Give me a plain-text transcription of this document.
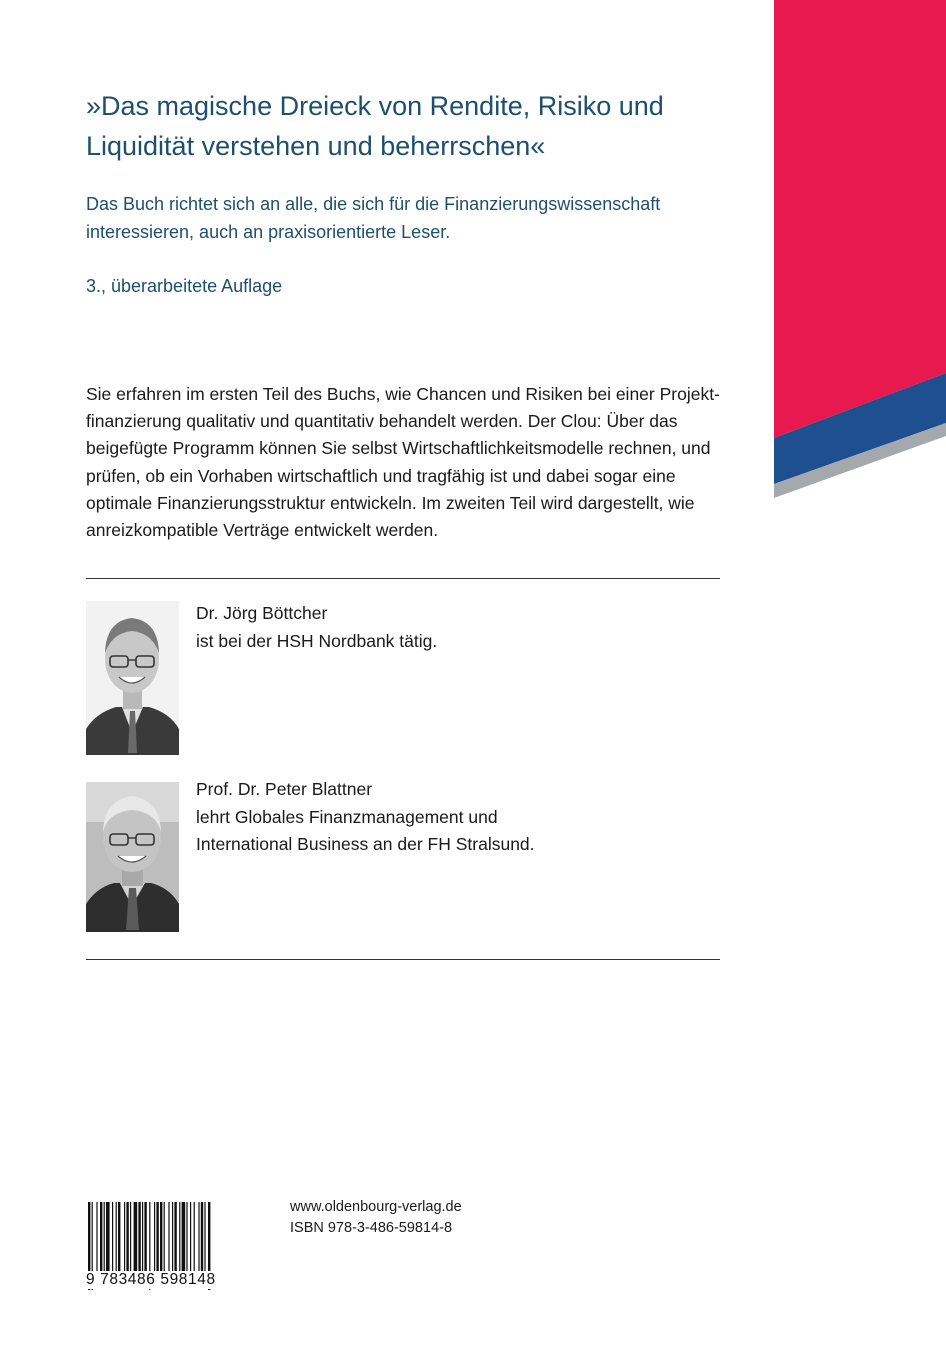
»Das magische Dreieck von Rendite, Risiko und Liquidität verstehen und beherrschen«

Das Buch richtet sich an alle, die sich für die Finanzierungswissenschaft interessieren, auch an praxisorientierte Leser.

3., überarbeitete Auflage

Sie erfahren im ersten Teil des Buchs, wie Chancen und Risiken bei einer Projekt-finanzierung qualitativ und quantitativ behandelt werden. Der Clou: Über das beigefügte Programm können Sie selbst Wirtschaftlichkeitsmodelle rechnen, und prüfen, ob ein Vorhaben wirtschaftlich und tragfähig ist und dabei sogar eine optimale Finanzierungsstruktur entwickeln. Im zweiten Teil wird dargestellt, wie anreizkompatible Verträge entwickelt werden.

Dr. Jörg Böttcher
ist bei der HSH Nordbank tätig.
Prof. Dr. Peter Blattner
lehrt Globales Finanzmanagement und
International Business an der FH Stralsund.
9 783486 598148
www.oldenbourg-verlag.de
ISBN 978-3-486-59814-8
